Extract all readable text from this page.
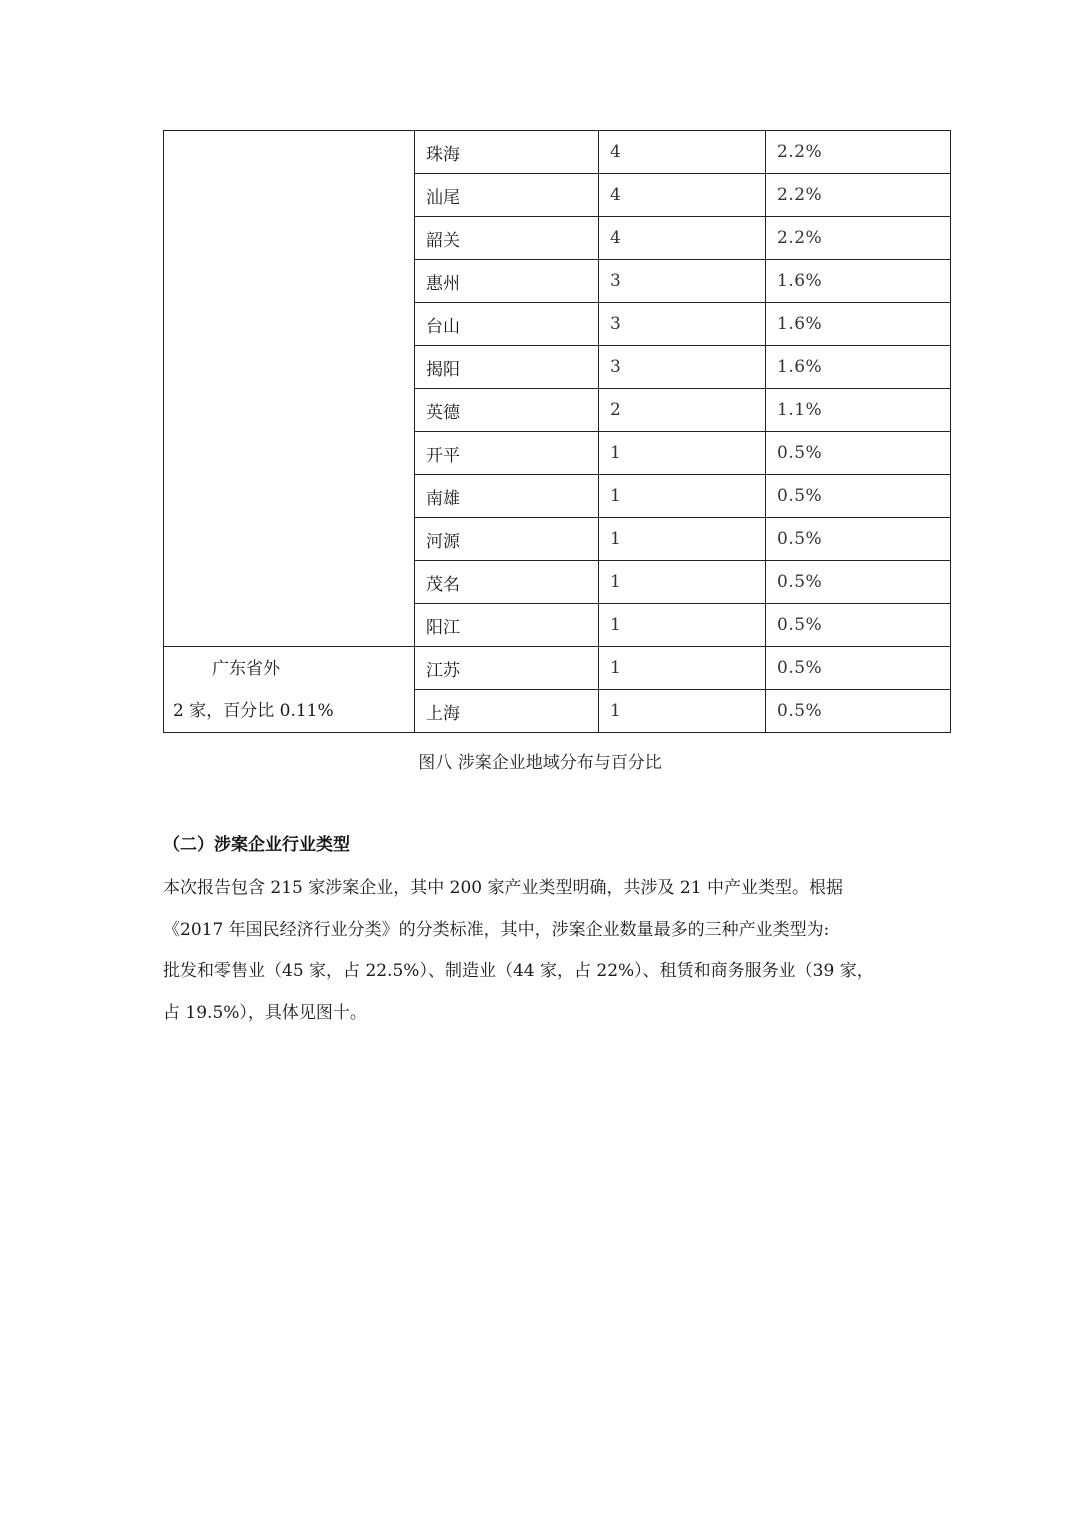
	珠海	4	2.2%
	汕尾	4	2.2%
	韶关	4	2.2%
	惠州	3	1.6%
	台山	3	1.6%
	揭阳	3	1.6%
	英德	2	1.1%
	开平	1	0.5%
	南雄	1	0.5%
	河源	1	0.5%
	茂名	1	0.5%
	阳江	1	0.5%

广东省外
2 家，百分比 0.11%	江苏	1	0.5%
	上海	1	0.5%
图八 涉案企业地域分布与百分比
（二）涉案企业行业类型

本次报告包含 215 家涉案企业，其中 200 家产业类型明确，共涉及 21 中产业类型。根据

《2017 年国民经济行业分类》的分类标准，其中，涉案企业数量最多的三种产业类型为:

批发和零售业（45 家，占 22.5%）、制造业（44 家，占 22%）、租赁和商务服务业（39 家，

占 19.5%），具体见图十。
